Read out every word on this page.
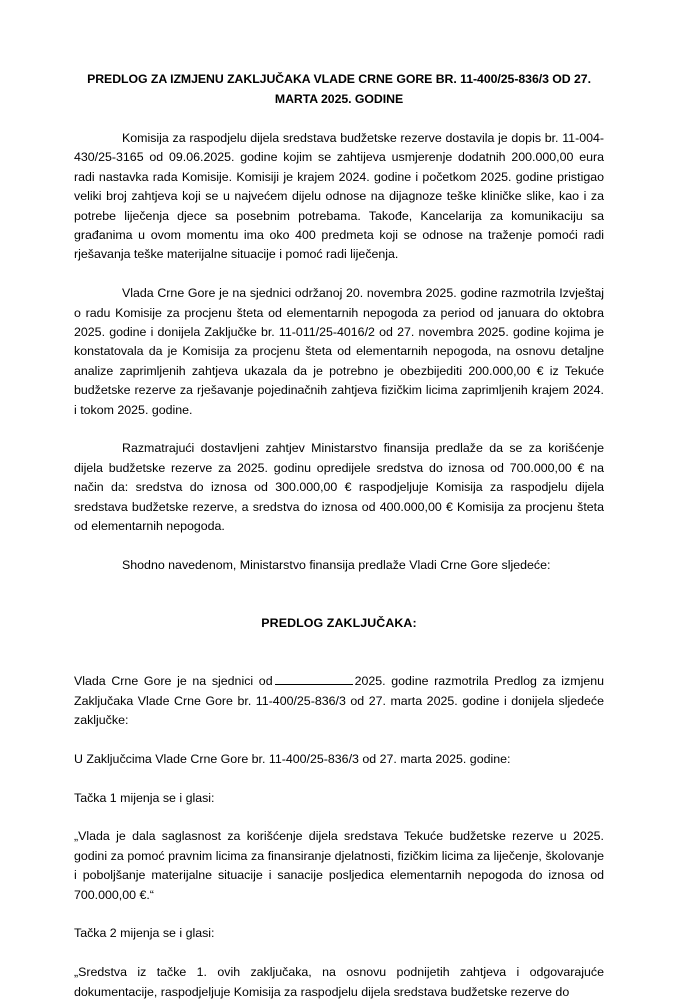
PREDLOG ZA IZMJENU ZAKLJUČAKA VLADE CRNE GORE BR. 11-400/25-836/3 OD 27. MARTA 2025. GODINE

Komisija za raspodjelu dijela sredstava budžetske rezerve dostavila je dopis br. 11-004-430/25-3165 od 09.06.2025. godine kojim se zahtijeva usmjerenje dodatnih 200.000,00 eura radi nastavka rada Komisije. Komisiji je krajem 2024. godine i početkom 2025. godine pristigao veliki broj zahtjeva koji se u najvećem dijelu odnose na dijagnoze teške kliničke slike, kao i za potrebe liječenja djece sa posebnim potrebama. Takođe, Kancelarija za komunikaciju sa građanima u ovom momentu ima oko 400 predmeta koji se odnose na traženje pomoći radi rješavanja teške materijalne situacije i pomoć radi liječenja.

Vlada Crne Gore je na sjednici održanoj 20. novembra 2025. godine razmotrila Izvještaj o radu Komisije za procjenu šteta od elementarnih nepogoda za period od januara do oktobra 2025. godine i donijela Zaključke br. 11-011/25-4016/2 od 27. novembra 2025. godine kojima je konstatovala da je Komisija za procjenu šteta od elementarnih nepogoda, na osnovu detaljne analize zaprimljenih zahtjeva ukazala da je potrebno je obezbijediti 200.000,00 € iz Tekuće budžetske rezerve za rješavanje pojedinačnih zahtjeva fizičkim licima zaprimljenih krajem 2024. i tokom 2025. godine.

Razmatrajući dostavljeni zahtjev Ministarstvo finansija predlaže da se za korišćenje dijela budžetske rezerve za 2025. godinu opredijele sredstva do iznosa od 700.000,00 € na način da: sredstva do iznosa od 300.000,00 € raspodjeljuje Komisija za raspodjelu dijela sredstava budžetske rezerve, a sredstva do iznosa od 400.000,00 € Komisija za procjenu šteta od elementarnih nepogoda.

Shodno navedenom, Ministarstvo finansija predlaže Vladi Crne Gore sljedeće:

PREDLOG ZAKLJUČAKA:

Vlada Crne Gore je na sjednici od	2025. godine razmotrila Predlog za izmjenu Zaključaka Vlade Crne Gore br. 11-400/25-836/3 od 27. marta 2025. godine i donijela sljedeće zaključke:

U Zaključcima Vlade Crne Gore br. 11-400/25-836/3 od 27. marta 2025. godine:

Tačka 1 mijenja se i glasi:

„Vlada je dala saglasnost za korišćenje dijela sredstava Tekuće budžetske rezerve u 2025. godini za pomoć pravnim licima za finansiranje djelatnosti, fizičkim licima za liječenje, školovanje i poboljšanje materijalne situacije i sanacije posljedica elementarnih nepogoda do iznosa od 700.000,00 €.“

Tačka 2 mijenja se i glasi:

„Sredstva iz tačke 1. ovih zaključaka, na osnovu podnijetih zahtjeva i odgovarajuće dokumentacije, raspodjeljuje Komisija za raspodjelu dijela sredstava budžetske rezerve do
